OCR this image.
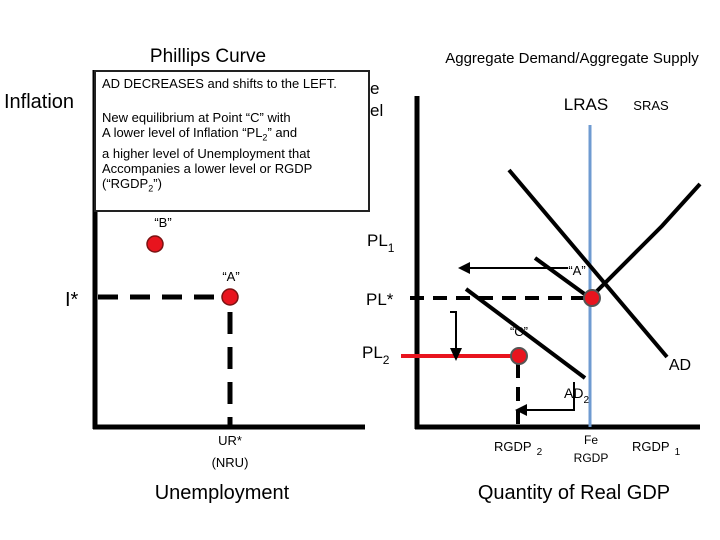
Phillips Curve
Inflation
I*
UR*
(NRU)
Unemployment
“A”
“B”
Aggregate Demand/Aggregate Supply
e
el	LRAS SRAS
AD
$AD_2$
$PL_1$
PL*
$PL_2$
“A”
“C”
RGDP $_2$
Fe
RGDP
RGDP $_1$
Quantity of Real GDP
AD DECREASES and shifts to the LEFT.
New equilibrium at Point “C” with
A lower level of Inflation “$PL_2$” and
a higher level of Unemployment that
Accompanies a lower level or RGDP
$(“RGDP_2”)$
